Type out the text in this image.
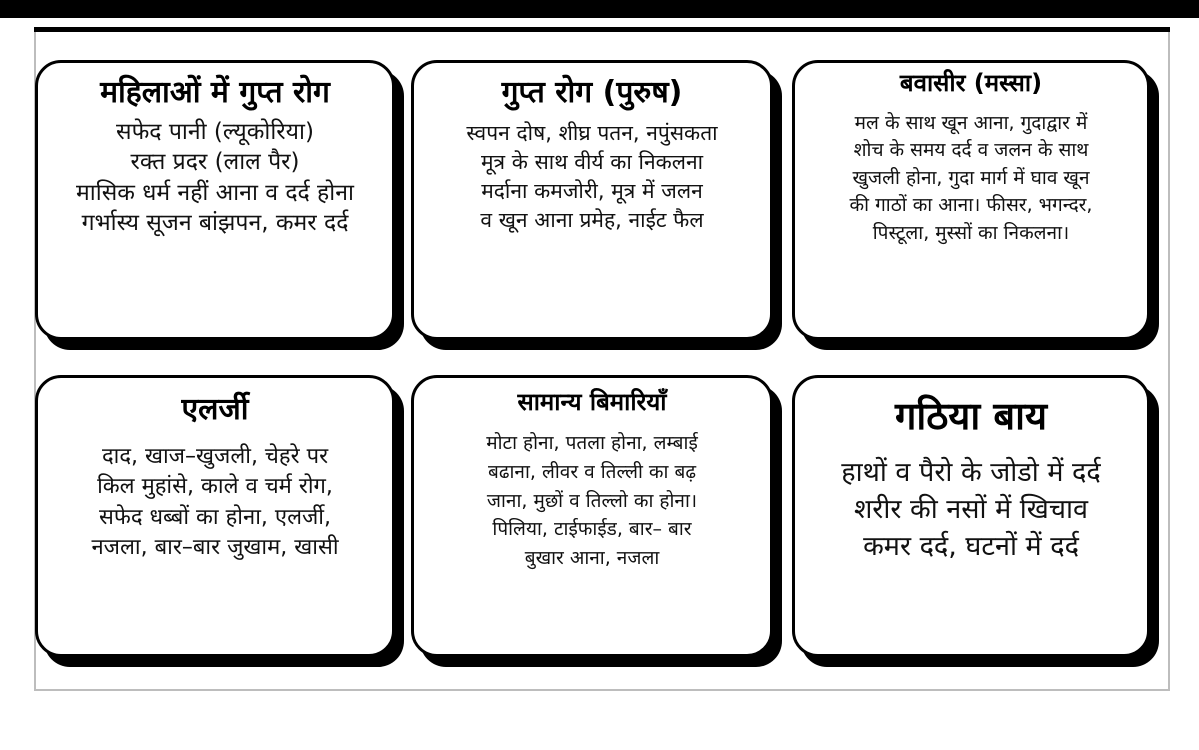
महिलाओं में गुप्त रोग

सफेद पानी (ल्यूकोरिया)

रक्त प्रदर (लाल पैर)

मासिक धर्म नहीं आना व दर्द होना

गर्भास्य सूजन बांझपन, कमर दर्द

गुप्त रोग (पुरुष)

स्वपन दोष, शीघ्र पतन, नपुंसकता

मूत्र के साथ वीर्य का निकलना

मर्दाना कमजोरी, मूत्र में जलन

व खून आना प्रमेह, नाईट फैल

बवासीर (मस्सा)

मल के साथ खून आना, गुदाद्वार में

शोच के समय दर्द व जलन के साथ

खुजली होना, गुदा मार्ग में घाव खून

की गाठों का आना। फीसर, भगन्दर,

पिस्टूला, मुस्सों का निकलना।

एलर्जी

दाद, खाज–खुजली, चेहरे पर

किल मुहांसे, काले व चर्म रोग,

सफेद धब्बों का होना, एलर्जी,

नजला, बार–बार जुखाम, खासी

सामान्य बिमारियाँ

मोटा होना, पतला होना, लम्बाई

बढाना, लीवर व तिल्ली का बढ़

जाना, मुछों व तिल्लो का होना।

पिलिया, टाईफाईड, बार– बार

बुखार आना, नजला

गठिया बाय

हाथों व पैरो के जोडो में दर्द

शरीर की नसों में खिचाव

कमर दर्द, घटनों में दर्द
